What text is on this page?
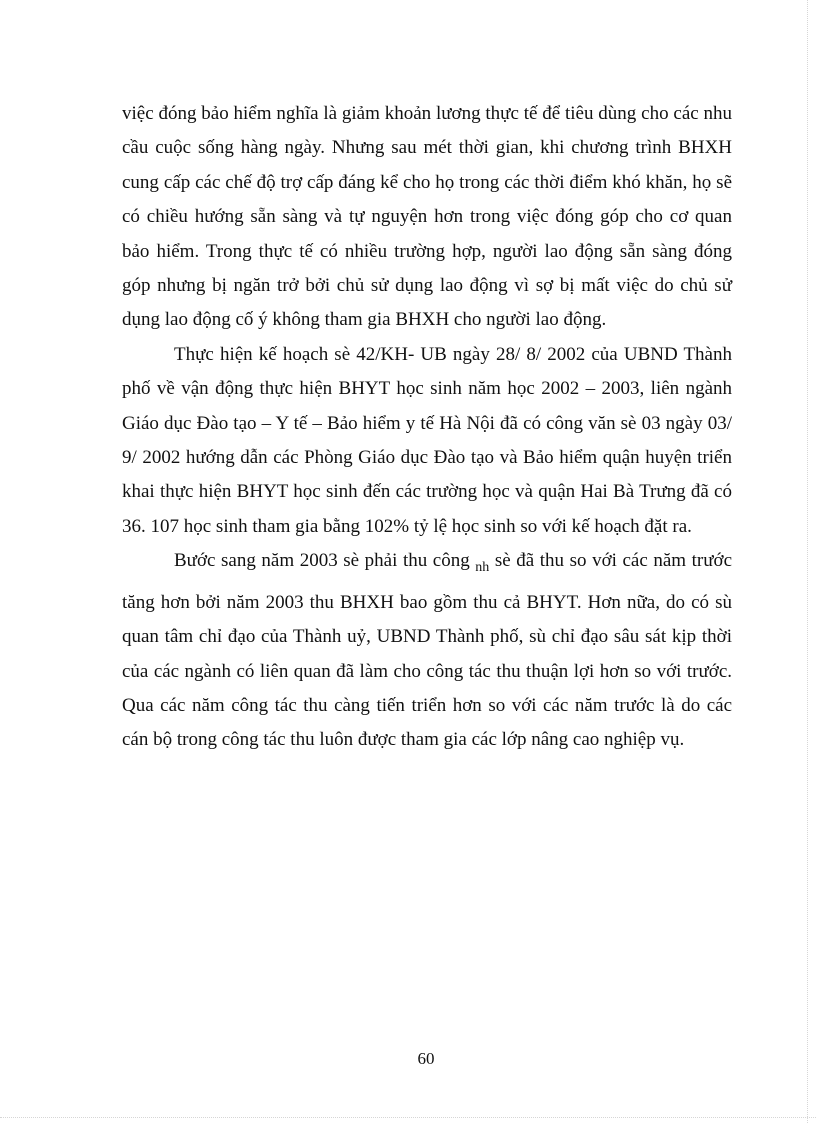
việc đóng bảo hiểm nghĩa là giảm khoản lương thực tế để tiêu dùng cho các nhu cầu cuộc sống hàng ngày. Nhưng sau mét thời gian, khi chương trình BHXH cung cấp các chế độ trợ cấp đáng kể cho họ trong các thời điểm khó khăn, họ sẽ có chiều hướng sẵn sàng và tự nguyện hơn trong việc đóng góp cho cơ quan bảo hiểm. Trong thực tế có nhiều trường hợp, người lao động sẵn sàng đóng góp nhưng bị ngăn trở bởi chủ sử dụng lao động vì sợ bị mất việc do chủ sử dụng lao động cố ý không tham gia BHXH cho người lao động.

Thực hiện kế hoạch sè 42/KH- UB ngày 28/ 8/ 2002 của UBND Thành phố về vận động thực hiện BHYT học sinh năm học 2002 – 2003, liên ngành Giáo dục Đào tạo – Y tế – Bảo hiểm y tế Hà Nội đã có công văn sè 03 ngày 03/ 9/ 2002 hướng dẫn các Phòng Giáo dục Đào tạo và Bảo hiểm quận huyện triển khai thực hiện BHYT học sinh đến các trường học và quận Hai Bà Trưng đã có 36. 107 học sinh tham gia bằng 102% tỷ lệ học sinh so với kế hoạch đặt ra.

Bước sang năm 2003 sè phải thu công $_{nh}$ sè đã thu so với các năm trước tăng hơn bởi năm 2003 thu BHXH bao gồm thu cả BHYT. Hơn nữa, do có sù quan tâm chỉ đạo của Thành uỷ, UBND Thành phố, sù chỉ đạo sâu sát kịp thời của các ngành có liên quan đã làm cho công tác thu thuận lợi hơn so với trước. Qua các năm công tác thu càng tiến triển hơn so với các năm trước là do các cán bộ trong công tác thu luôn được tham gia các lớp nâng cao nghiệp vụ.

60
